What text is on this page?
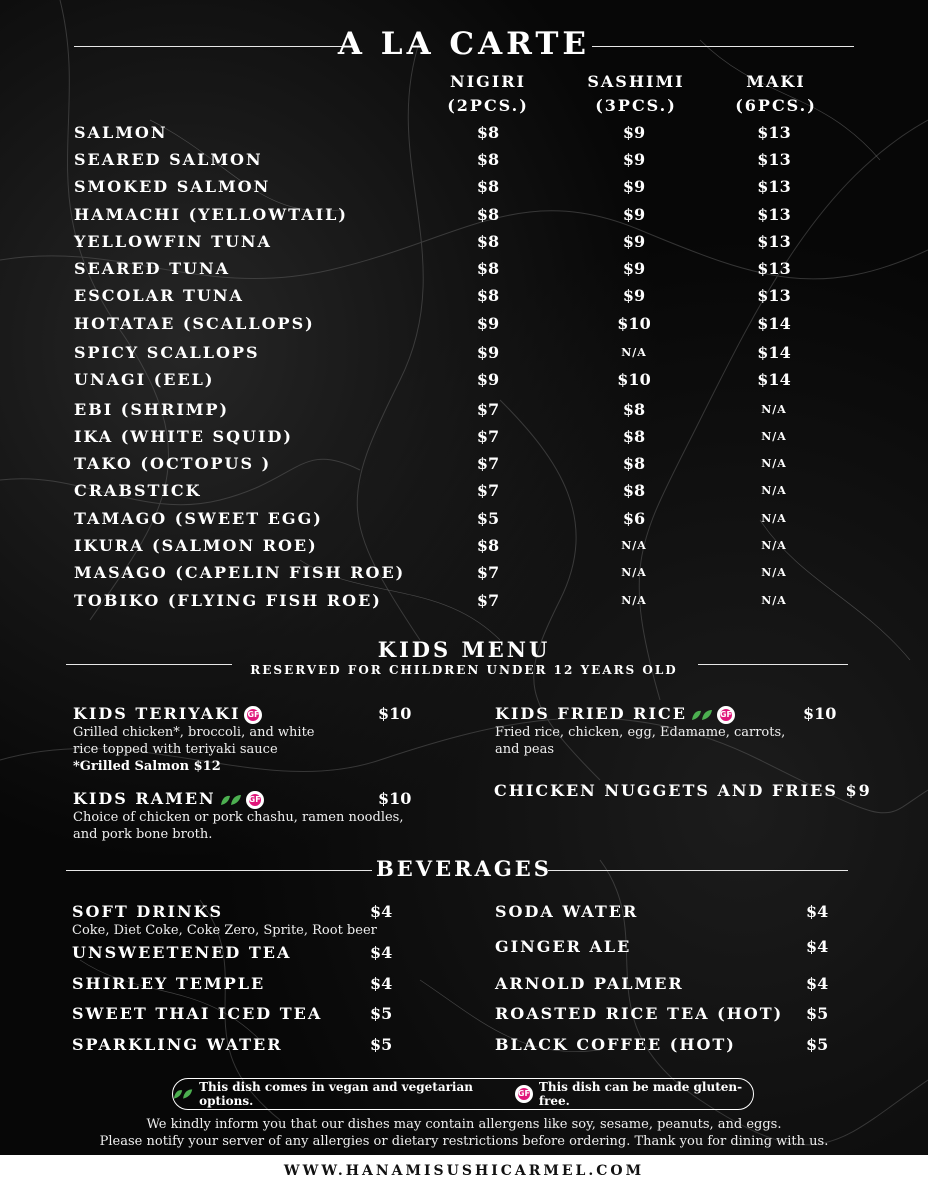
A LA CARTE
NIGIRI
(2PCS.)
SASHIMI
(3PCS.)
MAKI
(6PCS.)
SALMON	$8	$9	$13
SEARED SALMON	$8	$9	$13
SMOKED SALMON	$8	$9	$13
HAMACHI (YELLOWTAIL)	$8	$9	$13
YELLOWFIN TUNA	$8	$9	$13
SEARED TUNA	$8	$9	$13
ESCOLAR TUNA	$8	$9	$13
HOTATAE (SCALLOPS)	$9	$10	$14
SPICY SCALLOPS	$9	N/A	$14
UNAGI (EEL)	$9	$10	$14
EBI (SHRIMP)	$7	$8	N/A
IKA (WHITE SQUID)	$7	$8	N/A
TAKO (OCTOPUS )	$7	$8	N/A
CRABSTICK	$7	$8	N/A
TAMAGO (SWEET EGG)	$5	$6	N/A
IKURA (SALMON ROE)	$8	N/A	N/A
MASAGO (CAPELIN FISH ROE)	$7	N/A	N/A
TOBIKO (FLYING FISH ROE)	$7	N/A	N/A
KIDS MENU
RESERVED FOR CHILDREN UNDER 12 YEARS OLD
KIDS TERIYAKI GF
Grilled chicken*, broccoli, and white
rice topped with teriyaki sauce
*Grilled Salmon $12
$10
KIDS RAMEN	GF
Choice of chicken or pork chashu, ramen noodles,
and pork bone broth.
$10
KIDS FRIED RICE	GF
Fried rice, chicken, egg, Edamame, carrots,
and peas
$10
CHICKEN NUGGETS AND FRIES $9
BEVERAGES
SOFT DRINKS	$4
Coke, Diet Coke, Coke Zero, Sprite, Root beer
UNSWEETENED TEA	$4
SHIRLEY TEMPLE	$4
SWEET THAI ICED TEA	$5
SPARKLING WATER	$5
SODA WATER	$4
GINGER ALE	$4
ARNOLD PALMER	$4
ROASTED RICE TEA (HOT) $5
BLACK COFFEE (HOT)	$5
This dish comes in vegan and vegetarian options.
GF This dish can be made gluten-free.
We kindly inform you that our dishes may contain allergens like soy, sesame, peanuts, and eggs.
Please notify your server of any allergies or dietary restrictions before ordering. Thank you for dining with us.
WWW.HANAMISUSHICARMEL.COM
